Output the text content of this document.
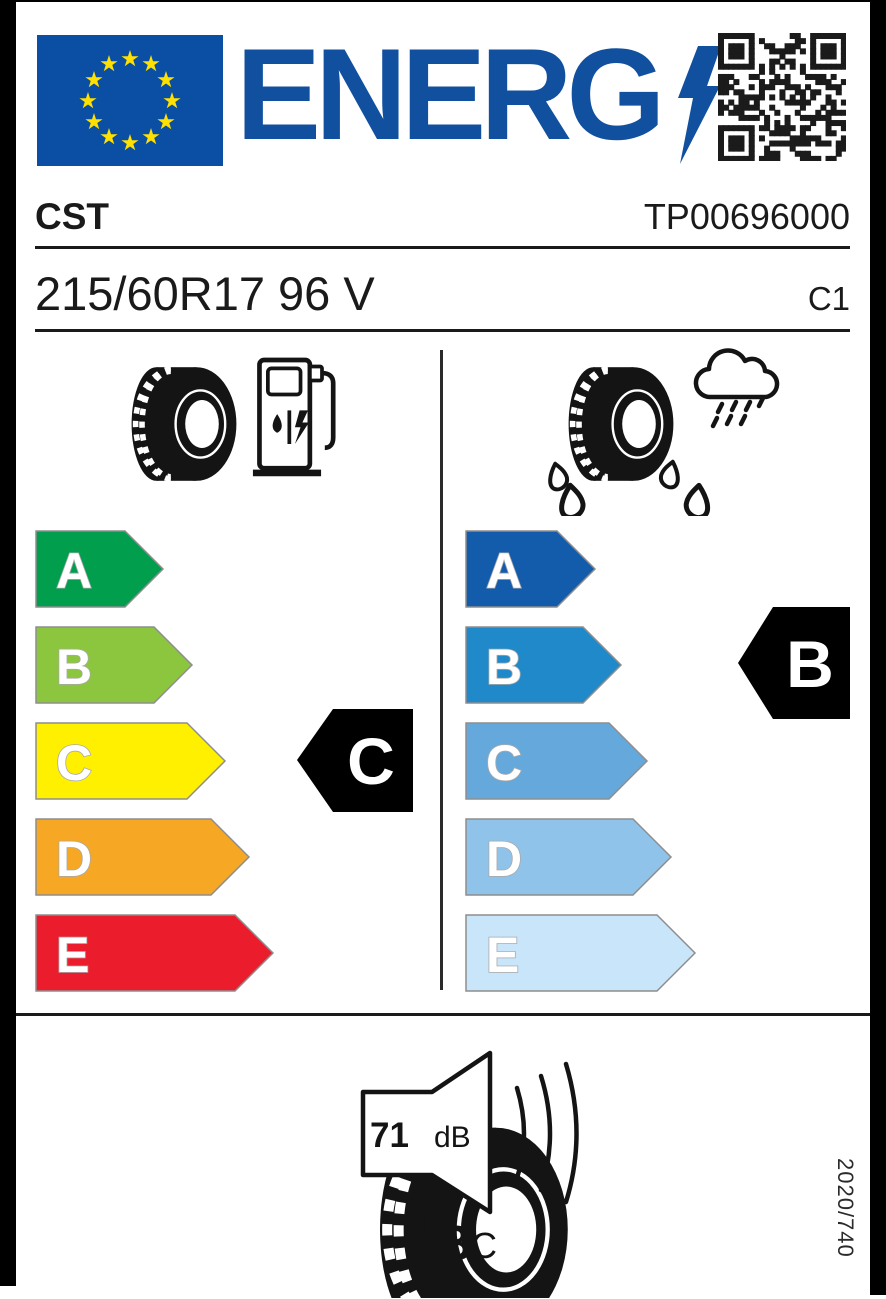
ENERG
CST	TP00696000
215/60R17 96 V	C1
A
B
C
D
E
C
A
B
C
D
E
B
71 dB
A B
C	2020/740
